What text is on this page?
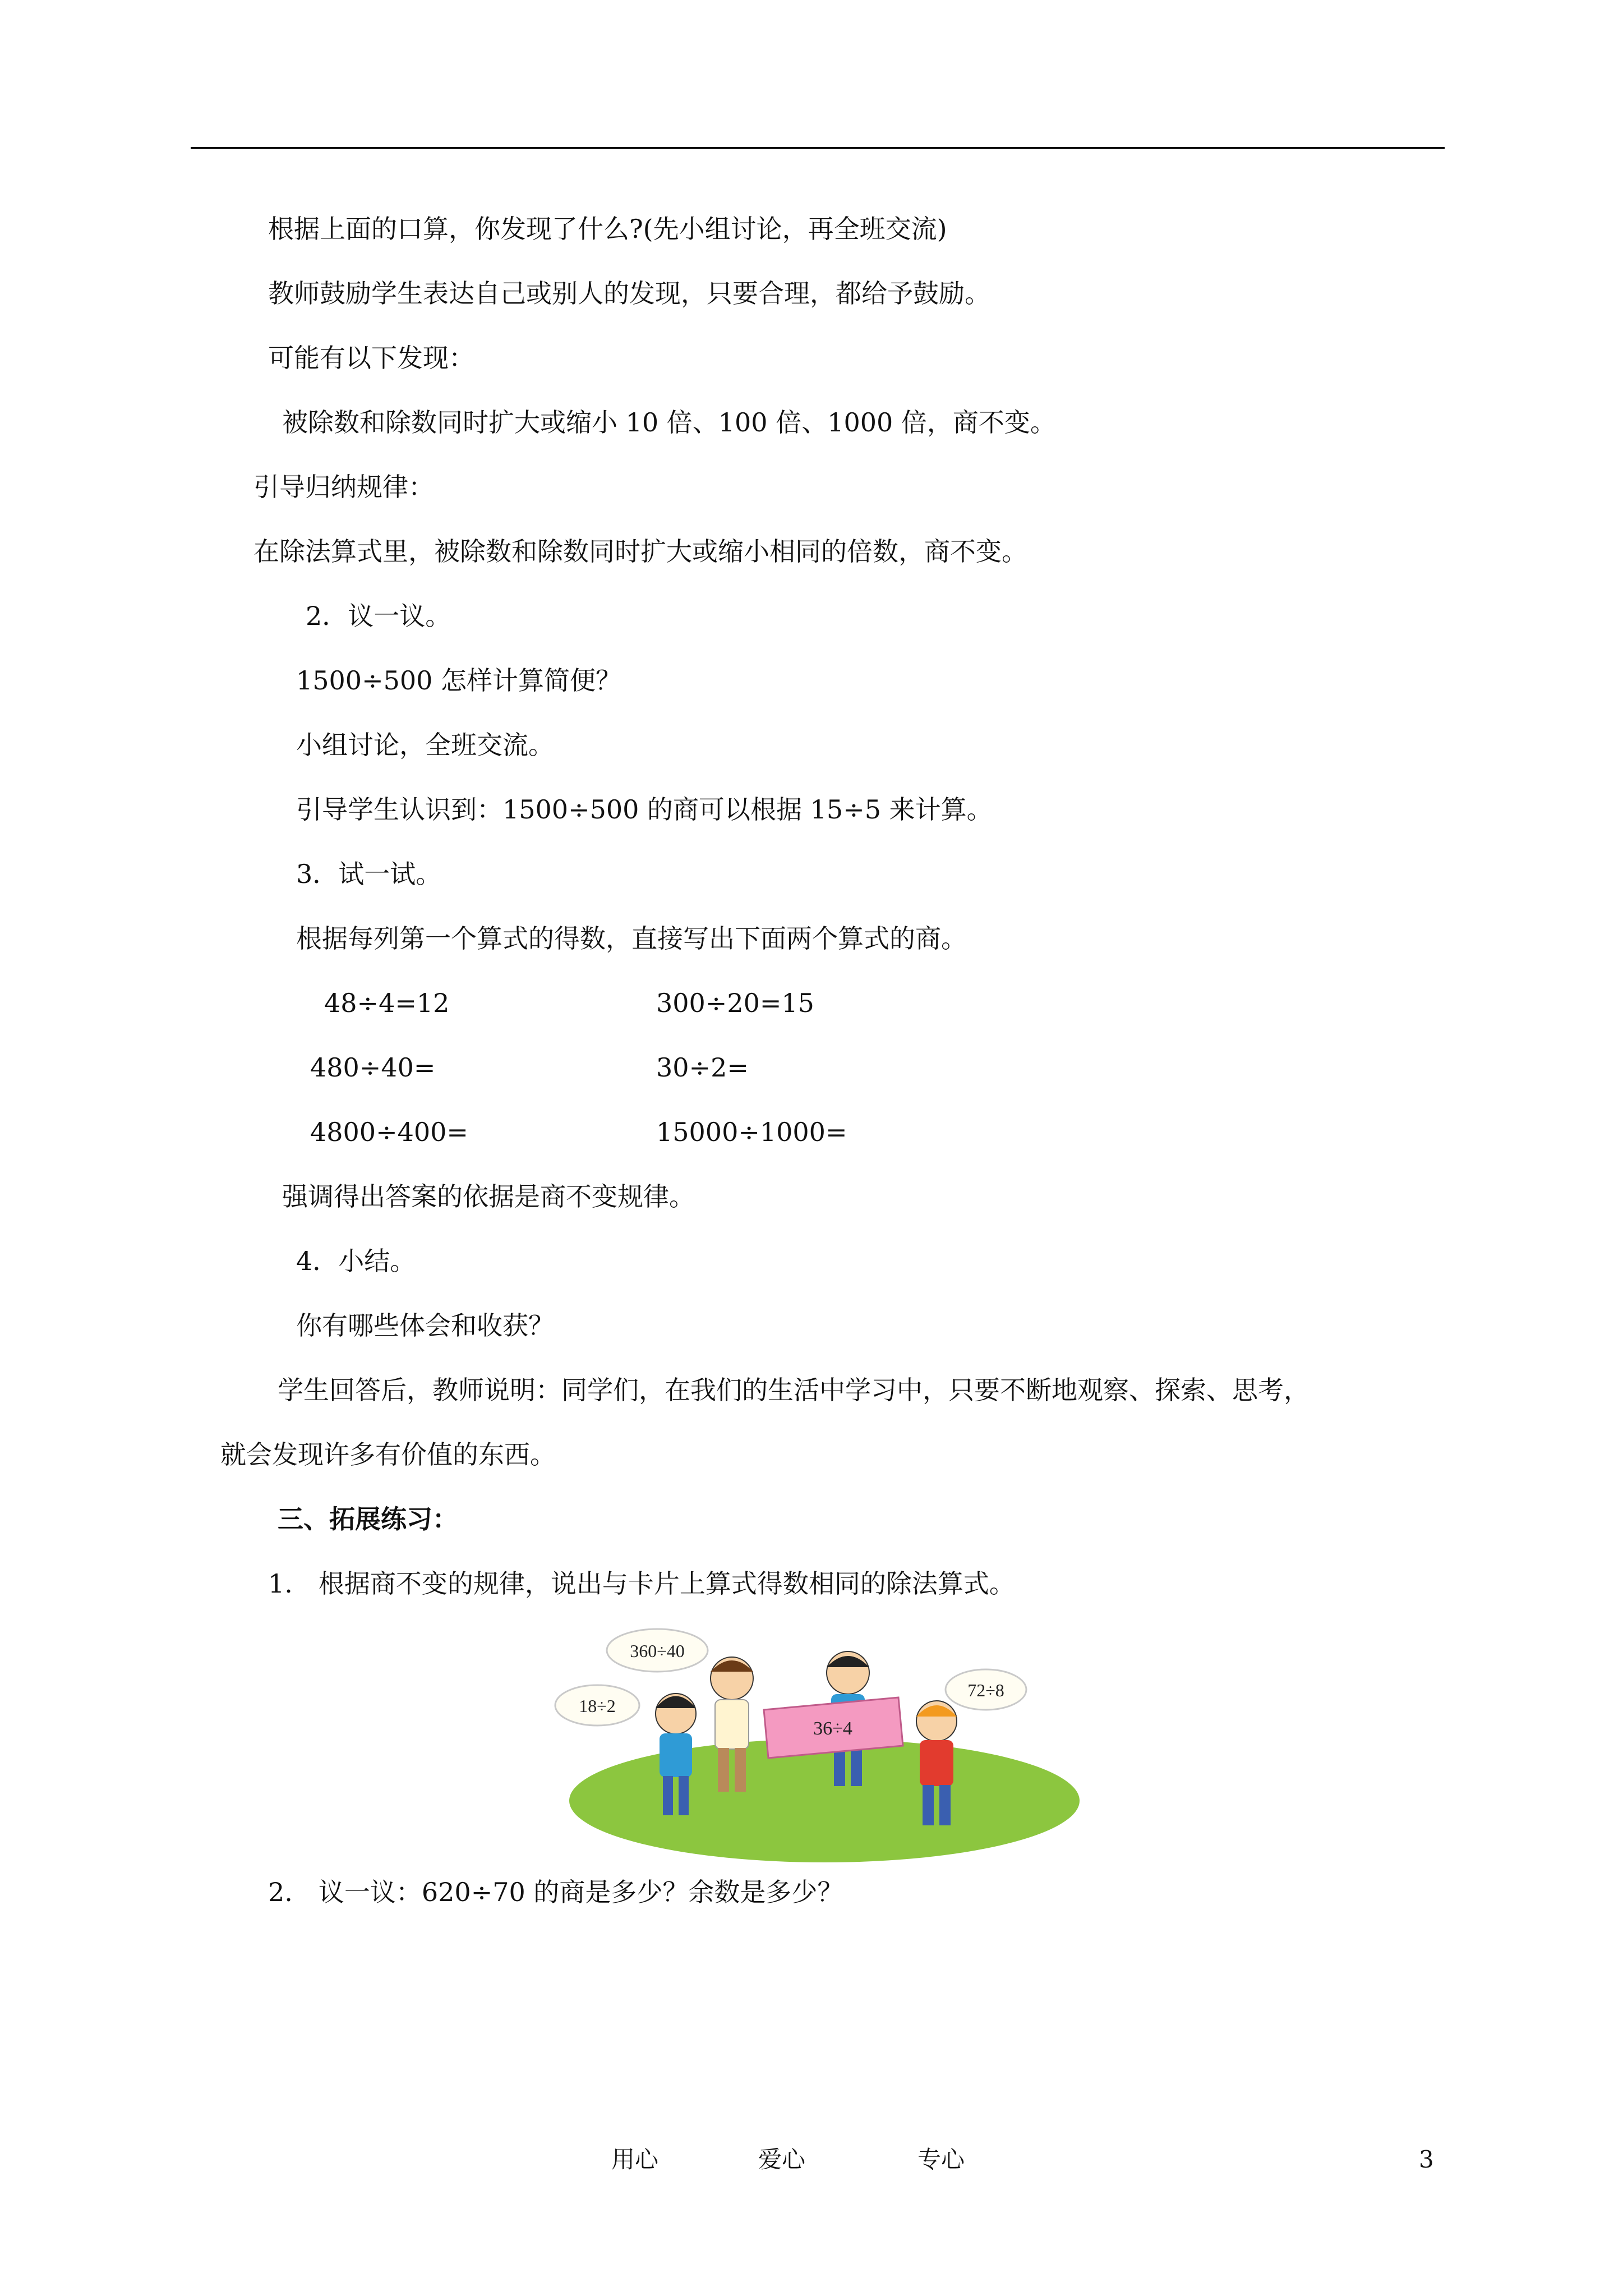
根据上面的口算，你发现了什么?(先小组讨论，再全班交流)
教师鼓励学生表达自己或别人的发现，只要合理，都给予鼓励。
可能有以下发现：
被除数和除数同时扩大或缩小 10 倍、100 倍、1000 倍，商不变。
引导归纳规律：
在除法算式里，被除数和除数同时扩大或缩小相同的倍数，商不变。
2．议一议。
1500÷500 怎样计算简便？
小组讨论，全班交流。
引导学生认识到：1500÷500 的商可以根据 15÷5 来计算。
3．试一试。
根据每列第一个算式的得数，直接写出下面两个算式的商。
48÷4=12	300÷20=15
480÷40=	30÷2=
4800÷400=	15000÷1000=
强调得出答案的依据是商不变规律。
4．小结。
你有哪些体会和收获？
学生回答后，教师说明：同学们，在我们的生活中学习中，只要不断地观察、探索、思考，
就会发现许多有价值的东西。
三、拓展练习：
1.　根据商不变的规律，说出与卡片上算式得数相同的除法算式。
360÷40
18÷2
72÷8
36÷4
2.　议一议：620÷70 的商是多少？余数是多少？
用心	爱心	专心	3
